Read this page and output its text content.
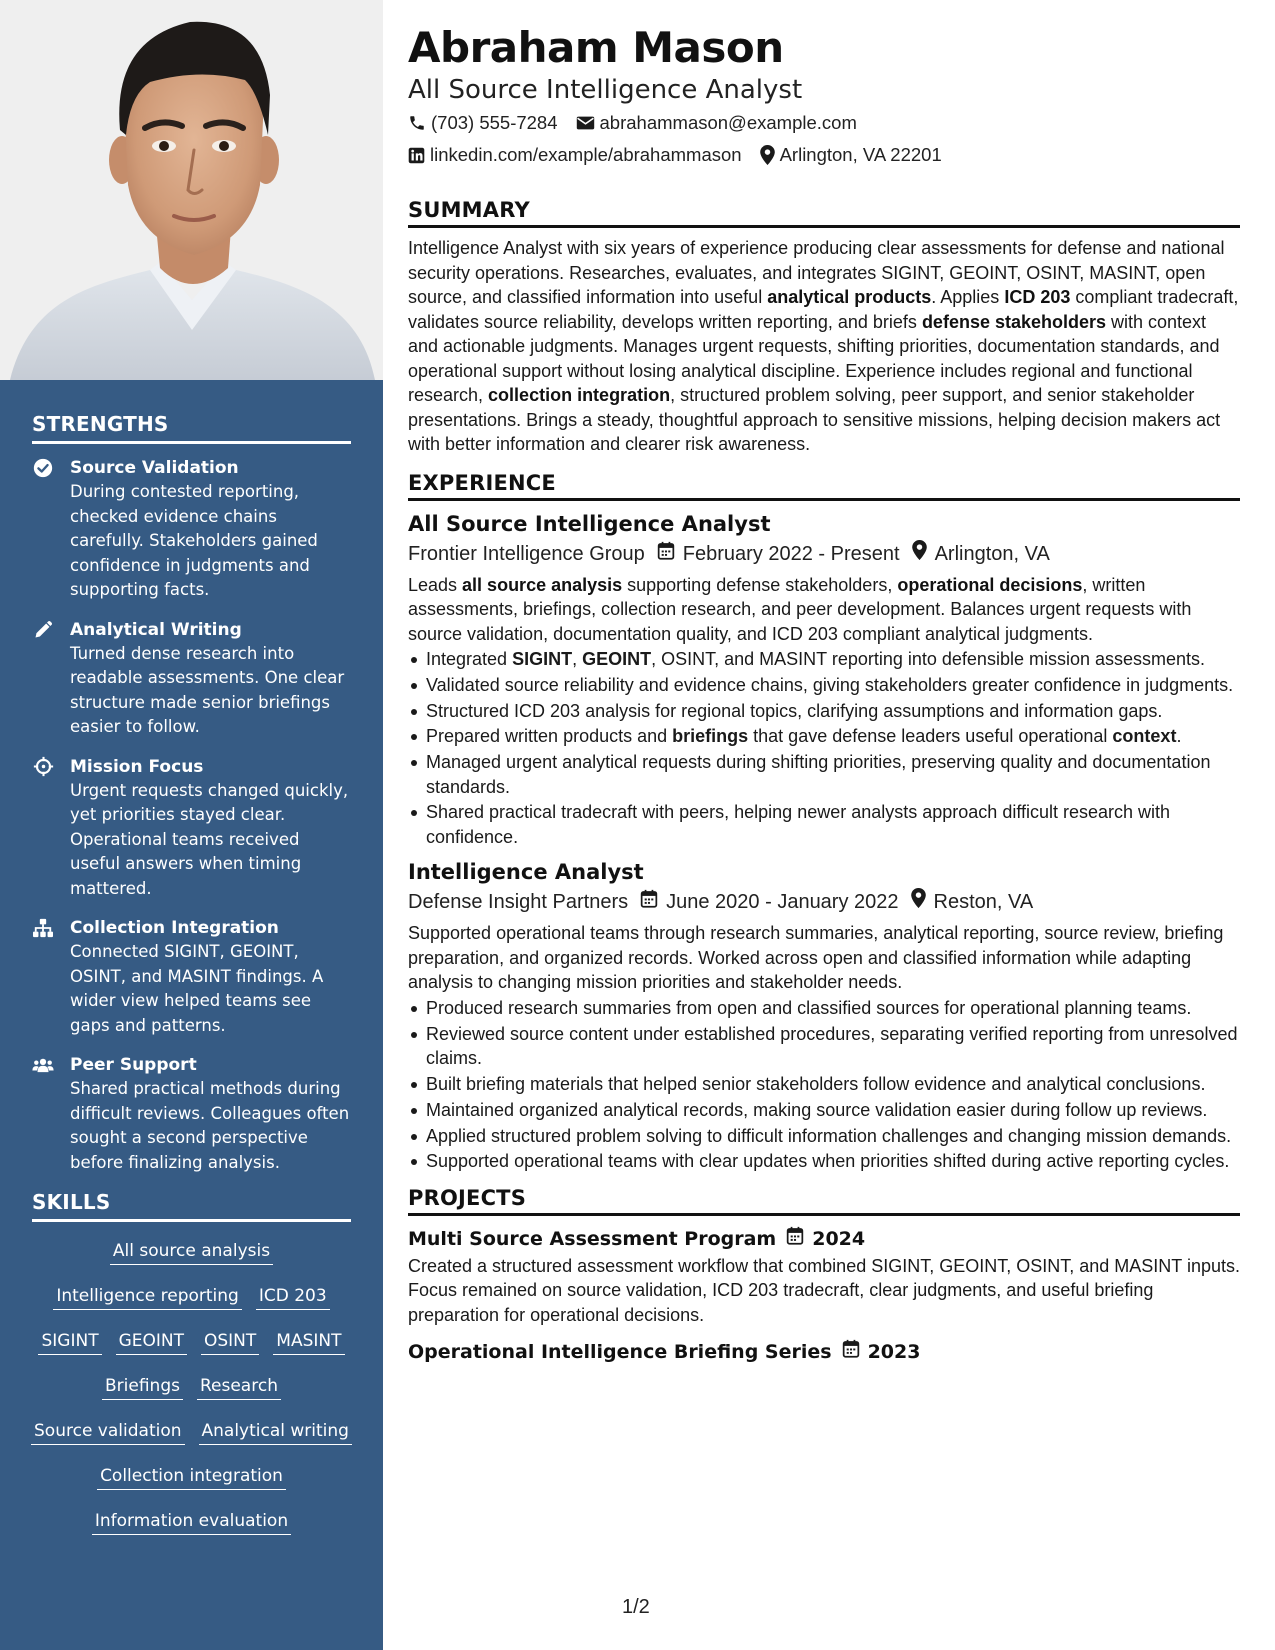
STRENGTHS
Source Validation
During contested reporting, checked evidence chains carefully. Stakeholders gained confidence in judgments and supporting facts.
Analytical Writing
Turned dense research into readable assessments. One clear structure made senior briefings easier to follow.
Mission Focus
Urgent requests changed quickly, yet priorities stayed clear. Operational teams received useful answers when timing mattered.
Collection Integration
Connected SIGINT, GEOINT, OSINT, and MASINT findings. A wider view helped teams see gaps and patterns.
Peer Support
Shared practical methods during difficult reviews. Colleagues often sought a second perspective before finalizing analysis.
SKILLS
All source analysis
Intelligence reporting ICD 203
SIGINT GEOINT OSINT MASINT
Briefings Research
Source validation Analytical writing
Collection integration
Information evaluation
Abraham Mason
All Source Intelligence Analyst
(703) 555-7284 abrahammason@example.com
linkedin.com/example/abrahammason Arlington, VA 22201
SUMMARY

Intelligence Analyst with six years of experience producing clear assessments for defense and national security operations. Researches, evaluates, and integrates SIGINT, GEOINT, OSINT, MASINT, open source, and classified information into useful analytical products. Applies ICD 203 compliant tradecraft, validates source reliability, develops written reporting, and briefs defense stakeholders with context and actionable judgments. Manages urgent requests, shifting priorities, documentation standards, and operational support without losing analytical discipline. Experience includes regional and functional research, collection integration, structured problem solving, peer support, and senior stakeholder presentations. Brings a steady, thoughtful approach to sensitive missions, helping decision makers act with better information and clearer risk awareness.

EXPERIENCE
All Source Intelligence Analyst
Frontier Intelligence Group February 2022 - Present Arlington, VA

Leads all source analysis supporting defense stakeholders, operational decisions, written assessments, briefings, collection research, and peer development. Balances urgent requests with source validation, documentation quality, and ICD 203 compliant analytical judgments.

Integrated SIGINT, GEOINT, OSINT, and MASINT reporting into defensible mission assessments.
Validated source reliability and evidence chains, giving stakeholders greater confidence in judgments.
Structured ICD 203 analysis for regional topics, clarifying assumptions and information gaps.
Prepared written products and briefings that gave defense leaders useful operational context.
Managed urgent analytical requests during shifting priorities, preserving quality and documentation standards.
Shared practical tradecraft with peers, helping newer analysts approach difficult research with confidence.
Intelligence Analyst
Defense Insight Partners June 2020 - January 2022 Reston, VA

Supported operational teams through research summaries, analytical reporting, source review, briefing preparation, and organized records. Worked across open and classified information while adapting analysis to changing mission priorities and stakeholder needs.

Produced research summaries from open and classified sources for operational planning teams.
Reviewed source content under established procedures, separating verified reporting from unresolved claims.
Built briefing materials that helped senior stakeholders follow evidence and analytical conclusions.
Maintained organized analytical records, making source validation easier during follow up reviews.
Applied structured problem solving to difficult information challenges and changing mission demands.
Supported operational teams with clear updates when priorities shifted during active reporting cycles.
PROJECTS
Multi Source Assessment Program 2024

Created a structured assessment workflow that combined SIGINT, GEOINT, OSINT, and MASINT inputs. Focus remained on source validation, ICD 203 tradecraft, clear judgments, and useful briefing preparation for operational decisions.

Operational Intelligence Briefing Series 2023
1/2
